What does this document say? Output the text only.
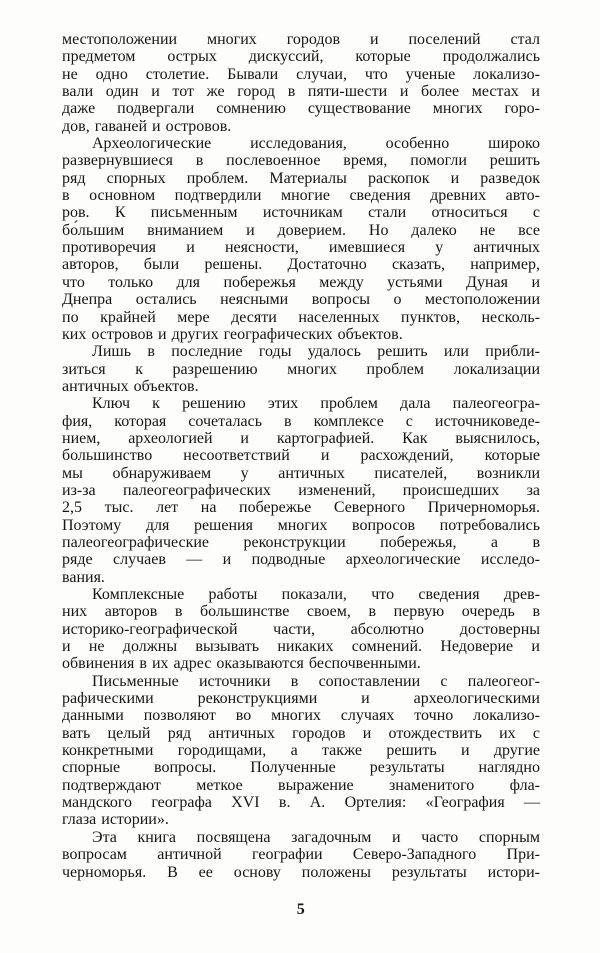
местоположении многих городов и поселений стал
предметом острых дискуссий, которые продолжались
не одно столетие. Бывали случаи, что ученые локализо-
вали один и тот же город в пяти-шести и более местах и
даже подвергали сомнению существование многих горо-
дов, гаваней и островов.
Археологические исследования, особенно широко
развернувшиеся в послевоенное время, помогли решить
ряд спорных проблем. Материалы раскопок и разведок
в основном подтвердили многие сведения древних авто-
ров. К письменным источникам стали относиться с
бо́льшим вниманием и доверием. Но далеко не все
противоречия и неясности, имевшиеся у античных
авторов, были решены. Достаточно сказать, например,
что только для побережья между устьями Дуная и
Днепра остались неясными вопросы о местоположении
по крайней мере десяти населенных пунктов, несколь-
ких островов и других географических объектов.
Лишь в последние годы удалось решить или прибли-
зиться к разрешению многих проблем локализации
античных объектов.
Ключ к решению этих проблем дала палеогеогра-
фия, которая сочеталась в комплексе с источниковеде-
нием, археологией и картографией. Как выяснилось,
большинство несоответствий и расхождений, которые
мы обнаруживаем у античных писателей, возникли
из-за палеогеографических изменений, происшедших за
2,5 тыс. лет на побережье Северного Причерноморья.
Поэтому для решения многих вопросов потребовались
палеогеографические реконструкции побережья, а в
ряде случаев — и подводные археологические исследо-
вания.
Комплексные работы показали, что сведения древ-
них авторов в большинстве своем, в первую очередь в
историко-географической части, абсолютно достоверны
и не должны вызывать никаких сомнений. Недоверие и
обвинения в их адрес оказываются беспочвенными.
Письменные источники в сопоставлении с палеогеог-
рафическими реконструкциями и археологическими
данными позволяют во многих случаях точно локализо-
вать целый ряд античных городов и отождествить их с
конкретными городищами, а также решить и другие
спорные вопросы. Полученные результаты наглядно
подтверждают меткое выражение знаменитого фла-
мандского географа XVI в. А. Ортелия: «География —
глаза истории».
Эта книга посвящена загадочным и часто спорным
вопросам античной географии Северо-Западного При-
черноморья. В ее основу положены результаты истори-
5
